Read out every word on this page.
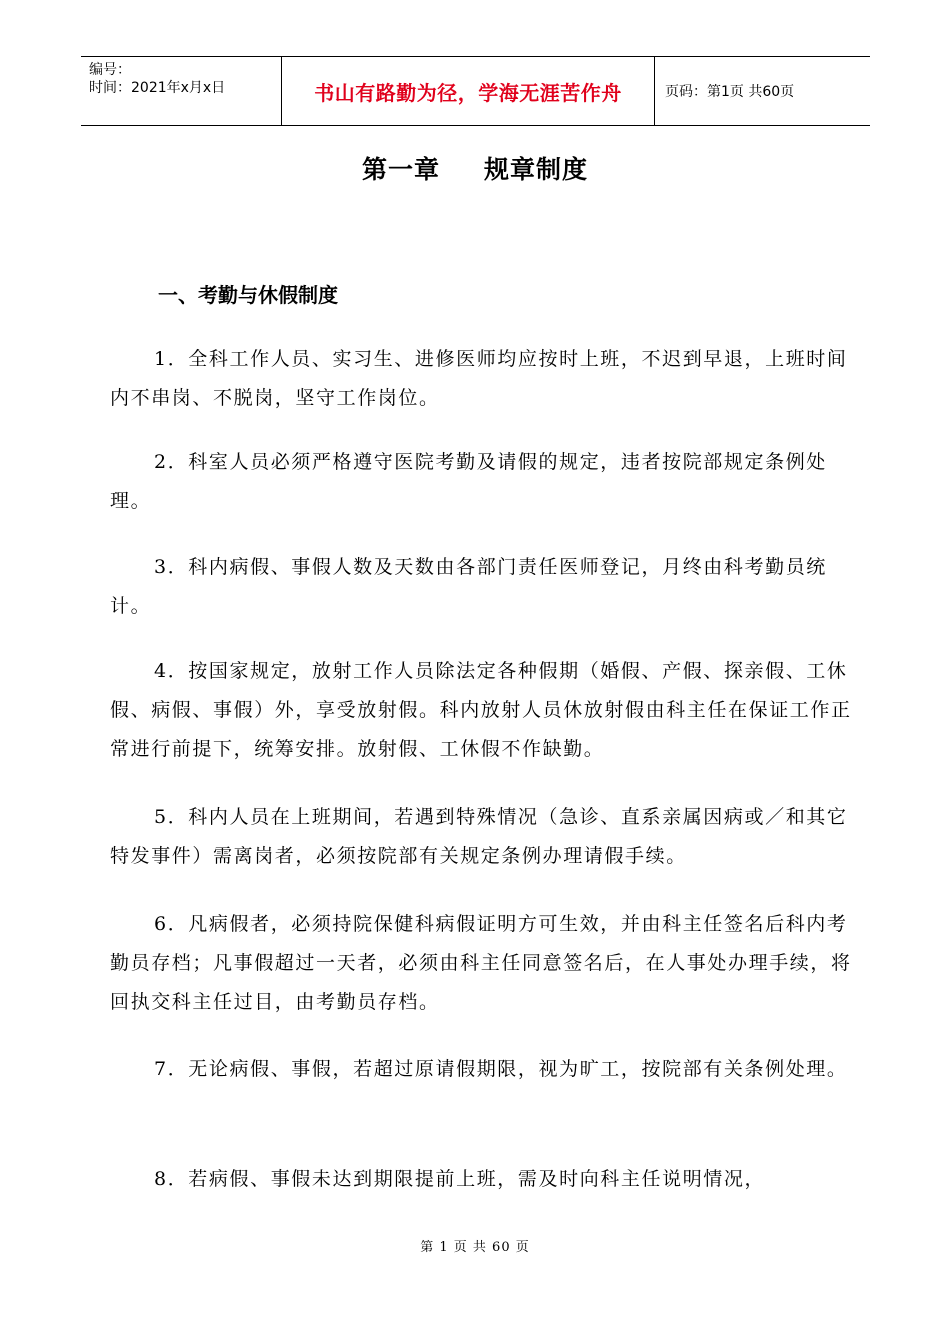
编号：
时间：2021年x月x日	书山有路勤为径，学海无涯苦作舟	页码：第1页 共60页
第一章 规章制度
一、考勤与休假制度
1．全科工作人员、实习生、进修医师均应按时上班，不迟到早退，上班时间内不串岗、不脱岗，坚守工作岗位。
2．科室人员必须严格遵守医院考勤及请假的规定，违者按院部规定条例处理。
3．科内病假、事假人数及天数由各部门责任医师登记，月终由科考勤员统计。
4．按国家规定，放射工作人员除法定各种假期（婚假、产假、探亲假、工休假、病假、事假）外，享受放射假。科内放射人员休放射假由科主任在保证工作正常进行前提下，统筹安排。放射假、工休假不作缺勤。
5．科内人员在上班期间，若遇到特殊情况（急诊、直系亲属因病或／和其它特发事件）需离岗者，必须按院部有关规定条例办理请假手续。
6．凡病假者，必须持院保健科病假证明方可生效，并由科主任签名后科内考勤员存档；凡事假超过一天者，必须由科主任同意签名后，在人事处办理手续，将回执交科主任过目，由考勤员存档。
7．无论病假、事假，若超过原请假期限，视为旷工，按院部有关条例处理。
8．若病假、事假未达到期限提前上班，需及时向科主任说明情况，
第 1 页 共 60 页
